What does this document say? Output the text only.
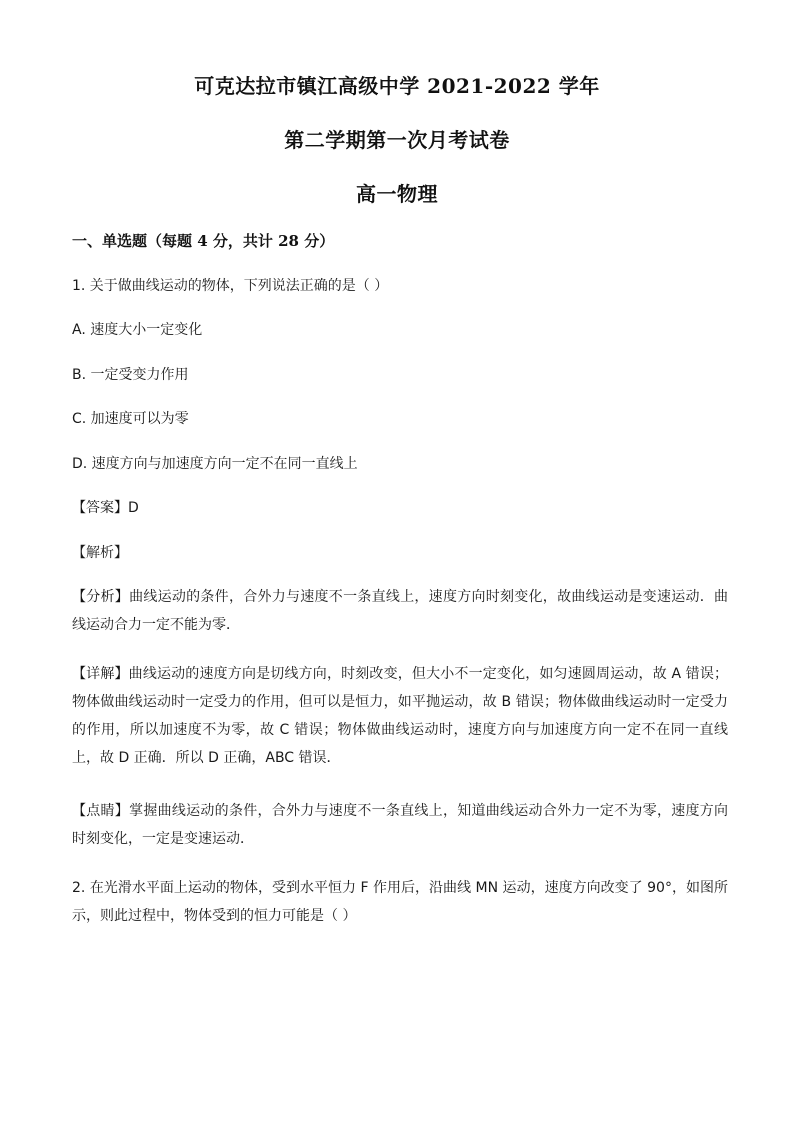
可克达拉市镇江高级中学 2021-2022 学年
第二学期第一次月考试卷
高一物理
一、单选题（每题 4 分，共计 28 分）
1. 关于做曲线运动的物体，下列说法正确的是（ ）
A. 速度大小一定变化
B. 一定受变力作用
C. 加速度可以为零
D. 速度方向与加速度方向一定不在同一直线上
【答案】D
【解析】
【分析】曲线运动的条件，合外力与速度不一条直线上，速度方向时刻变化，故曲线运动是变速运动．曲线运动合力一定不能为零．
【详解】曲线运动的速度方向是切线方向，时刻改变，但大小不一定变化，如匀速圆周运动，故 A 错误；物体做曲线运动时一定受力的作用，但可以是恒力，如平抛运动，故 B 错误；物体做曲线运动时一定受力的作用，所以加速度不为零，故 C 错误；物体做曲线运动时，速度方向与加速度方向一定不在同一直线上，故 D 正确．所以 D 正确，ABC 错误．
【点睛】掌握曲线运动的条件，合外力与速度不一条直线上，知道曲线运动合外力一定不为零，速度方向时刻变化，一定是变速运动．
2. 在光滑水平面上运动的物体，受到水平恒力 F 作用后，沿曲线 MN 运动，速度方向改变了 90°，如图所示，则此过程中，物体受到的恒力可能是（ ）
